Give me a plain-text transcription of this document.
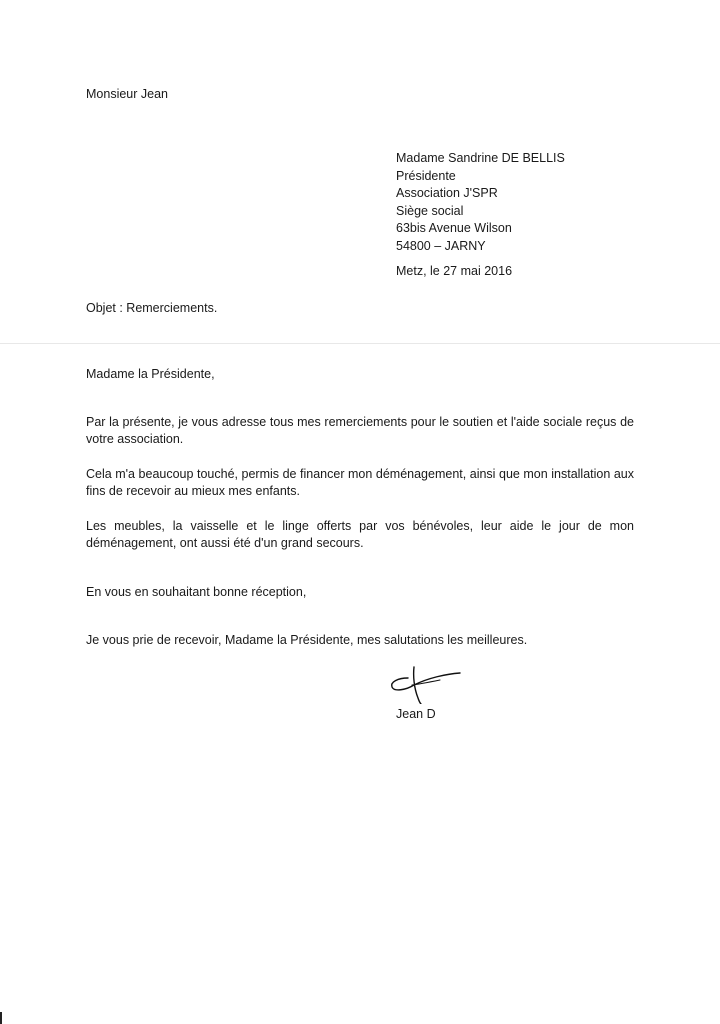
Monsieur Jean
Madame Sandrine DE BELLIS
Présidente
Association J'SPR
Siège social
63bis Avenue Wilson
54800 – JARNY
Metz, le 27 mai 2016
Objet : Remerciements.

Madame la Présidente,

Par la présente, je vous adresse tous mes remerciements pour le soutien et l'aide sociale reçus de votre association.

Cela m'a beaucoup touché, permis de financer mon déménagement, ainsi que mon installation aux fins de recevoir au mieux mes enfants.

Les meubles, la vaisselle et le linge offerts par vos bénévoles, leur aide le jour de mon déménagement, ont aussi été d'un grand secours.

En vous en souhaitant bonne réception,

Je vous prie de recevoir, Madame la Présidente, mes salutations les meilleures.

Jean D
